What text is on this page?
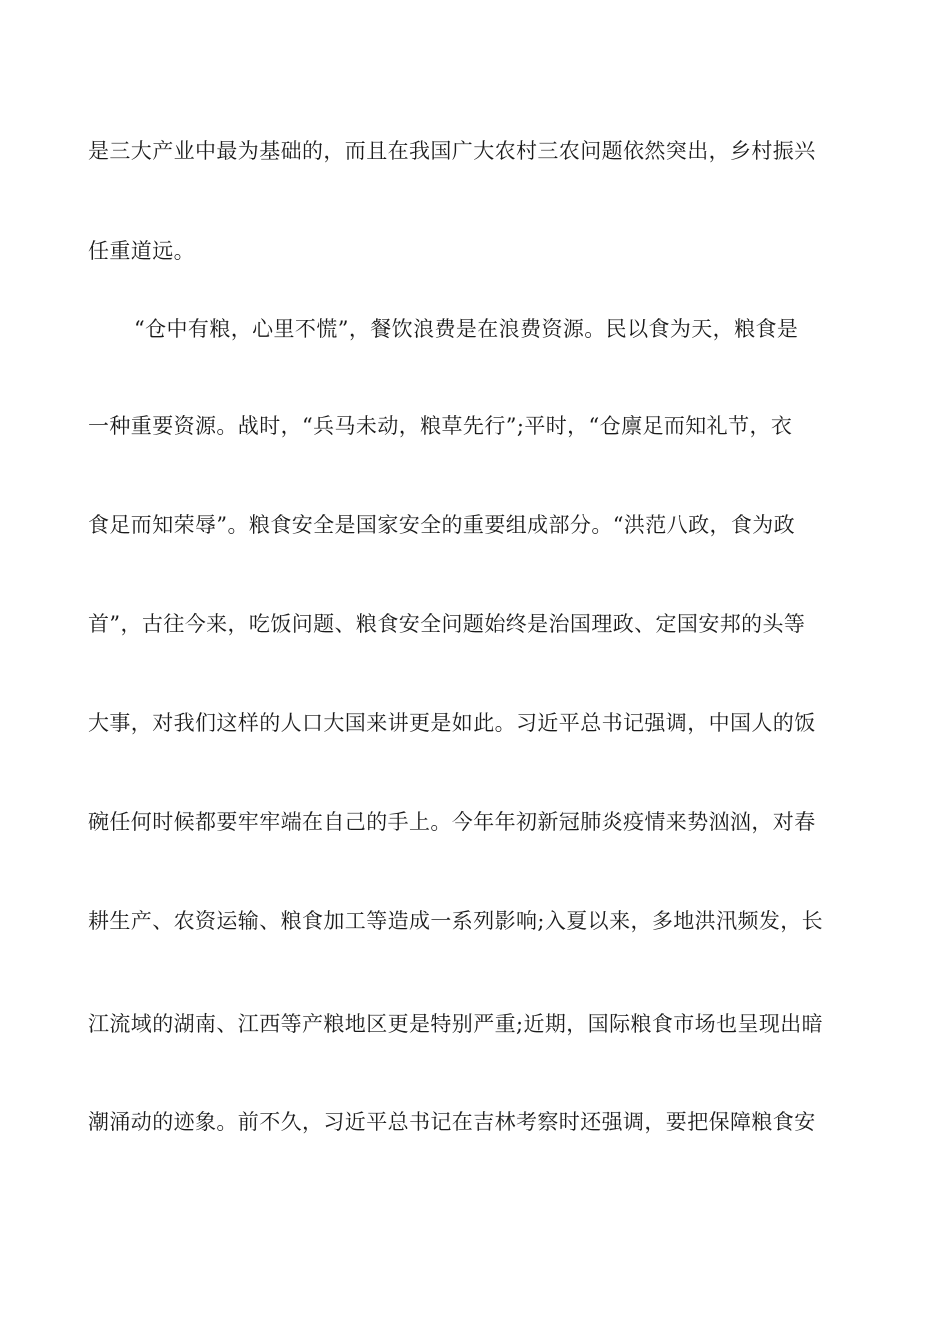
是三大产业中最为基础的，而且在我国广大农村三农问题依然突出，乡村振兴
任重道远。
“仓中有粮，心里不慌”，餐饮浪费是在浪费资源。民以食为天，粮食是
一种重要资源。战时，“兵马未动，粮草先行”;平时，“仓廪足而知礼节，衣
食足而知荣辱”。粮食安全是国家安全的重要组成部分。“洪范八政，食为政
首”，古往今来，吃饭问题、粮食安全问题始终是治国理政、定国安邦的头等
大事，对我们这样的人口大国来讲更是如此。习近平总书记强调，中国人的饭
碗任何时候都要牢牢端在自己的手上。今年年初新冠肺炎疫情来势汹汹，对春
耕生产、农资运输、粮食加工等造成一系列影响;入夏以来，多地洪汛频发，长
江流域的湖南、江西等产粮地区更是特别严重;近期，国际粮食市场也呈现出暗
潮涌动的迹象。前不久，习近平总书记在吉林考察时还强调，要把保障粮食安
